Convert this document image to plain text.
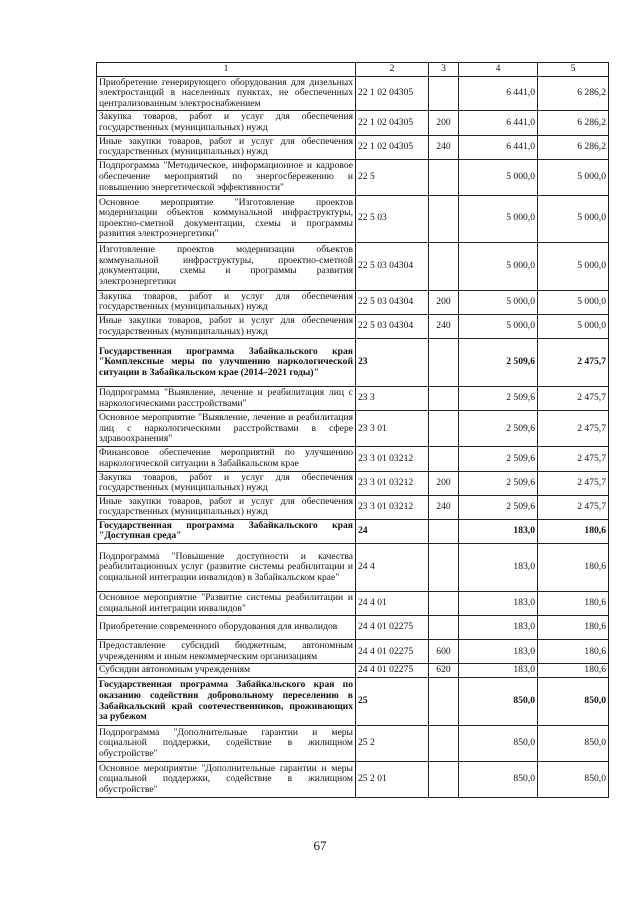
1	2	3	4	5
Приобретение генерирующего оборудования для дизельных электростанций в населенных пунктах, не обеспеченных централизованным электроснабжением	22 1 02 04305		6 441,0	6 286,2
Закупка товаров, работ и услуг для обеспечения государственных (муниципальных) нужд	22 1 02 04305	200	6 441,0	6 286,2
Иные закупки товаров, работ и услуг для обеспечения государственных (муниципальных) нужд	22 1 02 04305	240	6 441,0	6 286,2
Подпрограмма "Методическое, информационное и кадровое обеспечение мероприятий по энергосбережению и повышению энергетической эффективности"	22 5		5 000,0	5 000,0
Основное мероприятие "Изготовление проектов модернизации объектов коммунальной инфраструктуры, проектно-сметной документации, схемы и программы развития электроэнергетики"	22 5 03		5 000,0	5 000,0
Изготовление проектов модернизации объектов коммунальной инфраструктуры, проектно-сметной документации, схемы и программы развития электроэнергетики	22 5 03 04304		5 000,0	5 000,0
Закупка товаров, работ и услуг для обеспечения государственных (муниципальных) нужд	22 5 03 04304	200	5 000,0	5 000,0
Иные закупки товаров, работ и услуг для обеспечения государственных (муниципальных) нужд	22 5 03 04304	240	5 000,0	5 000,0
Государственная программа Забайкальского края "Комплексные меры по улучшению наркологической ситуации в Забайкальском крае (2014–2021 годы)"	23		2 509,6	2 475,7
Подпрограмма "Выявление, лечение и реабилитация лиц с наркологическими расстройствами"	23 3		2 509,6	2 475,7
Основное мероприятие "Выявление, лечение и реабилитация лиц с наркологическими расстройствами в сфере здравоохранения"	23 3 01		2 509,6	2 475,7
Финансовое обеспечение мероприятий по улучшению наркологической ситуации в Забайкальском крае	23 3 01 03212		2 509,6	2 475,7
Закупка товаров, работ и услуг для обеспечения государственных (муниципальных) нужд	23 3 01 03212	200	2 509,6	2 475,7
Иные закупки товаров, работ и услуг для обеспечения государственных (муниципальных) нужд	23 3 01 03212	240	2 509,6	2 475,7
Государственная программа Забайкальского края "Доступная среда"	24		183,0	180,6
Подпрограмма "Повышение доступности и качества реабилитационных услуг (развитие системы реабилитации и социальной интеграции инвалидов) в Забайкальском крае"	24 4		183,0	180,6
Основное мероприятие "Развитие системы реабилитации и социальной интеграции инвалидов"	24 4 01		183,0	180,6
Приобретение современного оборудования для инвалидов	24 4 01 02275		183,0	180,6
Предоставление субсидий бюджетным, автономным учреждениям и иным некоммерческим организациям	24 4 01 02275	600	183,0	180,6
Субсидии автономным учреждениям	24 4 01 02275	620	183,0	180,6
Государственная программа Забайкальского края по оказанию содействия добровольному переселению в Забайкальский край соотечественников, проживающих за рубежом	25		850,0	850,0
Подпрограмма "Дополнительные гарантии и меры социальной поддержки, содействие в жилищном обустройстве"	25 2		850,0	850,0
Основное мероприятие "Дополнительные гарантии и меры социальной поддержки, содействие в жилищном обустройстве"	25 2 01		850,0	850,0
67
